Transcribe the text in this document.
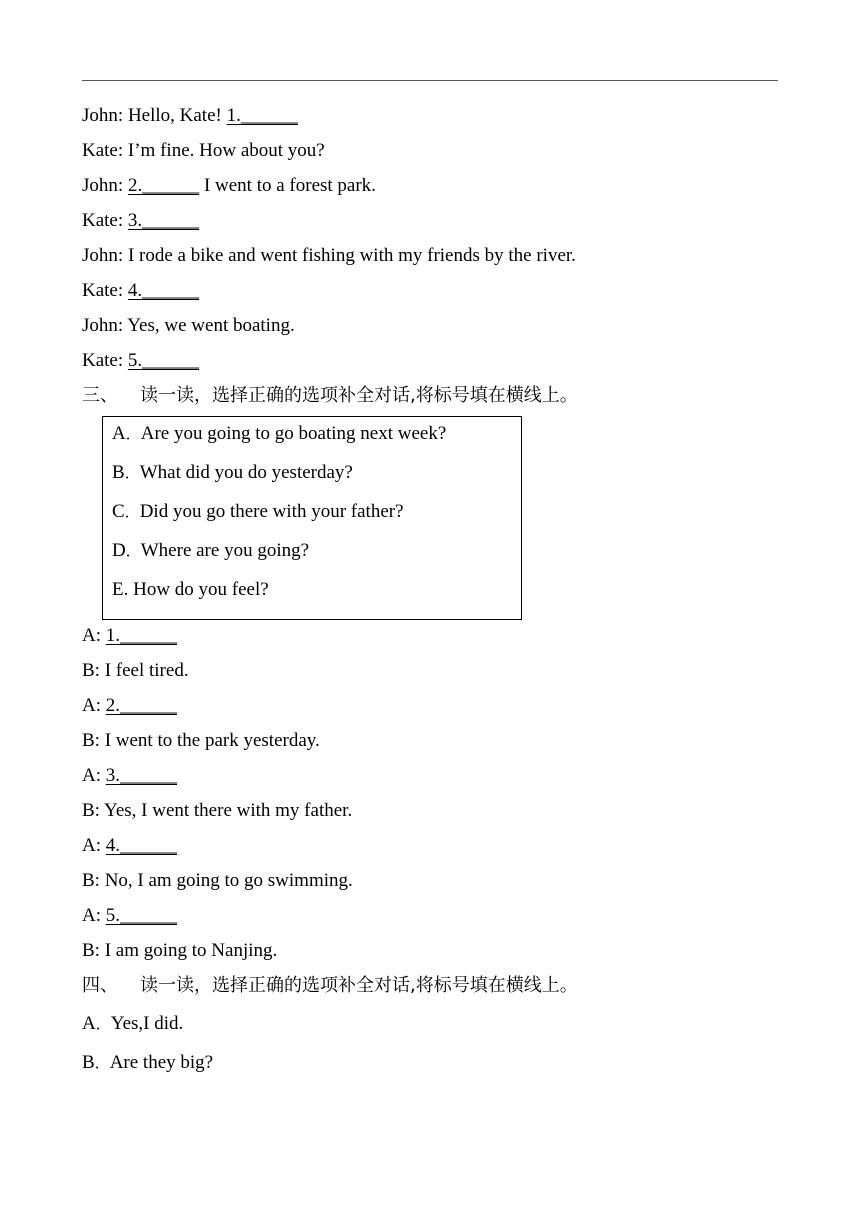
John: Hello, Kate! 1.______
Kate: I’m fine. How about you?
John: 2.______ I went to a forest park.
Kate: 3.______
John: I rode a bike and went fishing with my friends by the river.
Kate: 4.______
John: Yes, we went boating.
Kate: 5.______
三、 读一读，选择正确的选项补全对话,将标号填在横线上。
A．Are you going to go boating next week?
B．What did you do yesterday?
C．Did you go there with your father?
D．Where are you going?
E. How do you feel?
A: 1.______
B: I feel tired.
A: 2.______
B: I went to the park yesterday.
A: 3.______
B: Yes, I went there with my father.
A: 4.______
B: No, I am going to go swimming.
A: 5.______
B: I am going to Nanjing.
四、 读一读，选择正确的选项补全对话,将标号填在横线上。
A．Yes,I did.
B．Are they big?
